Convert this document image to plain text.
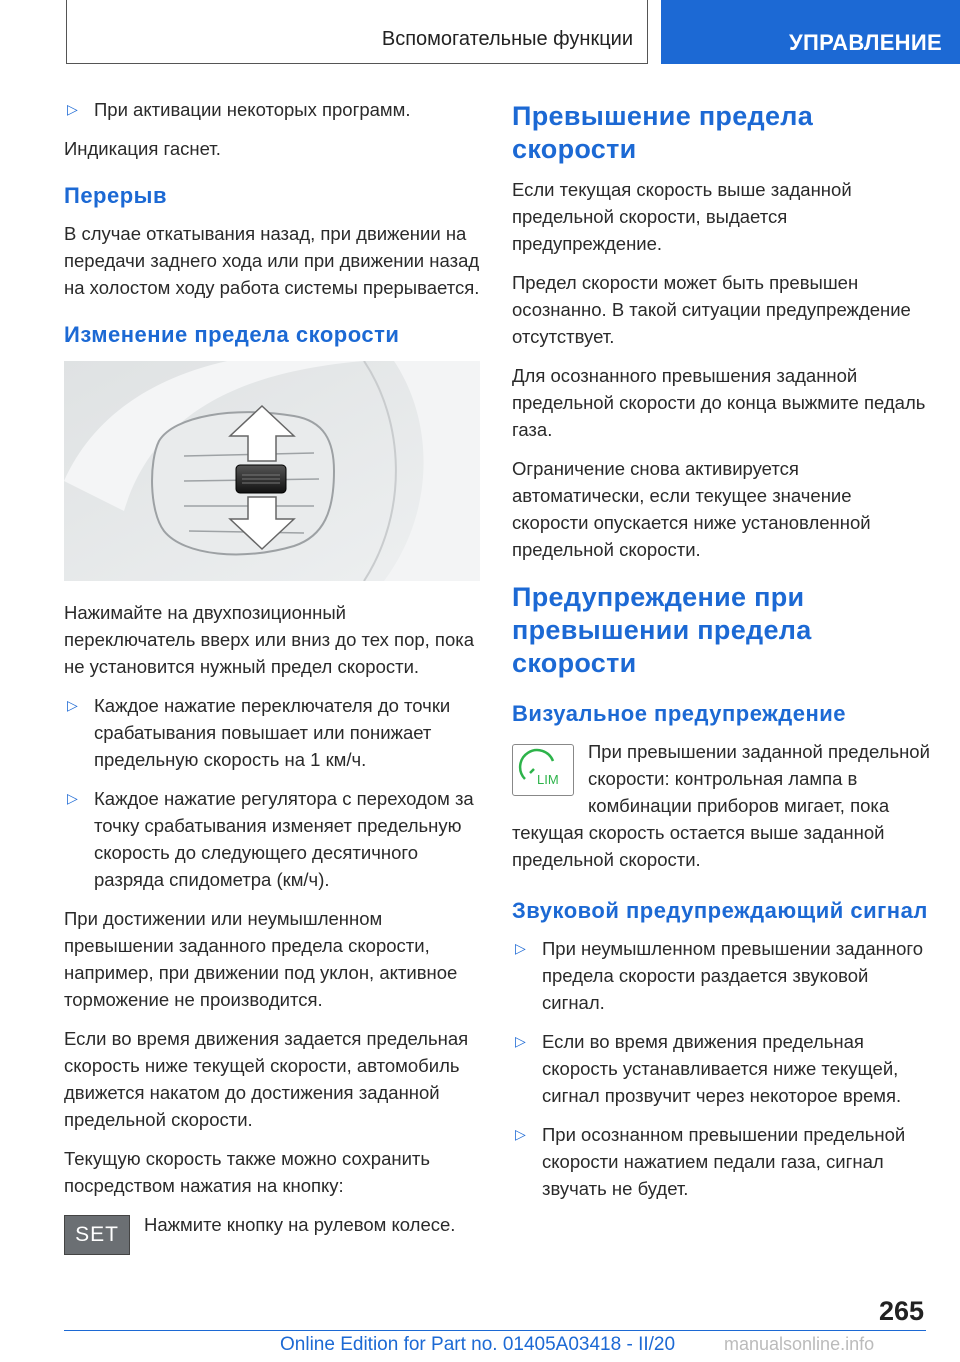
Вспомогательные функции	УПРАВЛЕНИЕ
▷ При активации некоторых программ.

Индикация гаснет.

Перерыв

В случае откатывания назад, при движении на передачи заднего хода или при движении назад на холостом ходу работа системы прерывается.

Изменение предела скорости

Нажимайте на двухпозиционный переключатель вверх или вниз до тех пор, пока не установится нужный предел скорости.

▷ Каждое нажатие переключателя до точки срабатывания повышает или понижает предельную скорость на 1 км/ч.
▷ Каждое нажатие регулятора с переходом за точку срабатывания изменяет предельную скорость до следующего десятичного разряда спидометра (км/ч).

При достижении или неумышленном превышении заданного предела скорости, например, при движении под уклон, активное торможение не производится.

Если во время движения задается предельная скорость ниже текущей скорости, автомобиль движется накатом до достижения заданной предельной скорости.

Текущую скорость также можно сохранить посредством нажатия на кнопку:

SET	Нажмите кнопку на рулевом колесе.
Превышение предела скорости

Если текущая скорость выше заданной предельной скорости, выдается предупреждение.

Предел скорости может быть превышен осознанно. В такой ситуации предупреждение отсутствует.

Для осознанного превышения заданной предельной скорости до конца выжмите педаль газа.

Ограничение снова активируется автоматически, если текущее значение скорости опускается ниже установленной предельной скорости.

Предупреждение при превышении предела скорости
Визуальное предупреждение
LIM

При превышении заданной предельной скорости: контрольная лампа в комбинации приборов мигает, пока текущая скорость остается выше заданной предельной скорости.

Звуковой предупреждающий сигнал
▷ При неумышленном превышении заданного предела скорости раздается звуковой сигнал.
▷ Если во время движения предельная скорость устанавливается ниже текущей, сигнал прозвучит через некоторое время.
▷ При осознанном превышении предельной скорости нажатием педали газа, сигнал звучать не будет.
265
Online Edition for Part no. 01405A03418 - II/20	manualsonline.info
